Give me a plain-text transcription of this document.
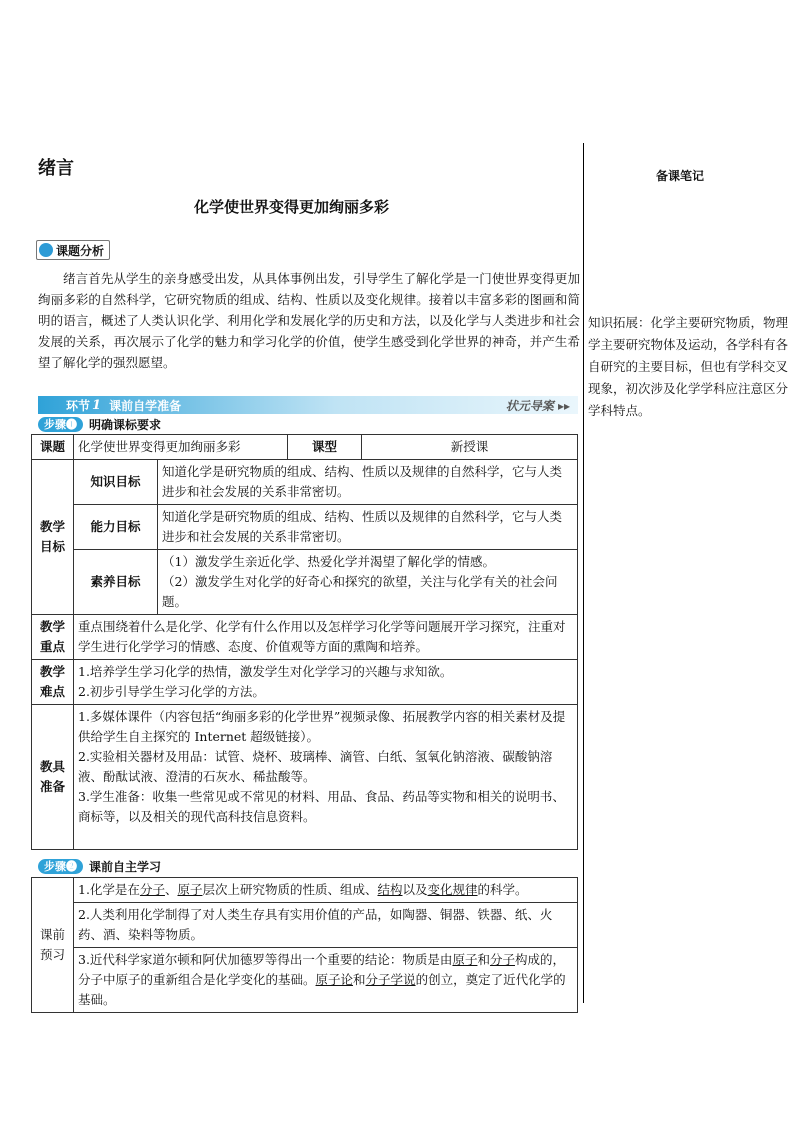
绪言
化学使世界变得更加绚丽多彩
备课笔记
知识拓展：化学主要研究物质，物理学主要研究物体及运动，各学科有各自研究的主要目标，但也有学科交叉现象，初次涉及化学学科应注意区分学科特点。
课题分析
绪言首先从学生的亲身感受出发，从具体事例出发，引导学生了解化学是一门使世界变得更加绚丽多彩的自然科学，它研究物质的组成、结构、性质以及变化规律。接着以丰富多彩的图画和简明的语言，概述了人类认识化学、利用化学和发展化学的历史和方法，以及化学与人类进步和社会发展的关系，再次展示了化学的魅力和学习化学的价值，使学生感受到化学世界的神奇，并产生希望了解化学的强烈愿望。
环节 1 课前自学准备	状元导案 ▸▸
步骤❶	明确课标要求
课题	化学使世界变得更加绚丽多彩		课型	新授课
教学目标	知识目标	知道化学是研究物质的组成、结构、性质以及规律的自然科学，它与人类进步和社会发展的关系非常密切。		
	能力目标	知道化学是研究物质的组成、结构、性质以及规律的自然科学，它与人类进步和社会发展的关系非常密切。		
	素养目标	（1）激发学生亲近化学、热爱化学并渴望了解化学的情感。
（2）激发学生对化学的好奇心和探究的欲望，关注与化学有关的社会问题。		

教学重点	重点围绕着什么是化学、化学有什么作用以及怎样学习化学等问题展开学习探究，注重对学生进行化学学习的情感、态度、价值观等方面的熏陶和培养。			
教学难点	1.培养学生学习化学的热情，激发学生对化学学习的兴趣与求知欲。
2.初步引导学生学习化学的方法。			

教具准备	1.多媒体课件（内容包括“绚丽多彩的化学世界”视频录像、拓展教学内容的相关素材及提供给学生自主探究的 Internet 超级链接）。
2.实验相关器材及用品：试管、烧杯、玻璃棒、滴管、白纸、氢氧化钠溶液、碳酸钠溶液、酚酞试液、澄清的石灰水、稀盐酸等。
3.学生准备：收集一些常见或不常见的材料、用品、食品、药品等实物和相关的说明书、商标等，以及相关的现代高科技信息资料。			
步骤❷	课前自主学习
课前预习	1.化学是在分子、原子层次上研究物质的性质、组成、结构以及变化规律的科学。
2.人类利用化学制得了对人类生存具有实用价值的产品，如陶器、铜器、铁器、纸、火药、酒、染料等物质。
3.近代科学家道尔顿和阿伏加德罗等得出一个重要的结论：物质是由原子和分子构成的，分子中原子的重新组合是化学变化的基础。原子论和分子学说的创立，奠定了近代化学的基础。
